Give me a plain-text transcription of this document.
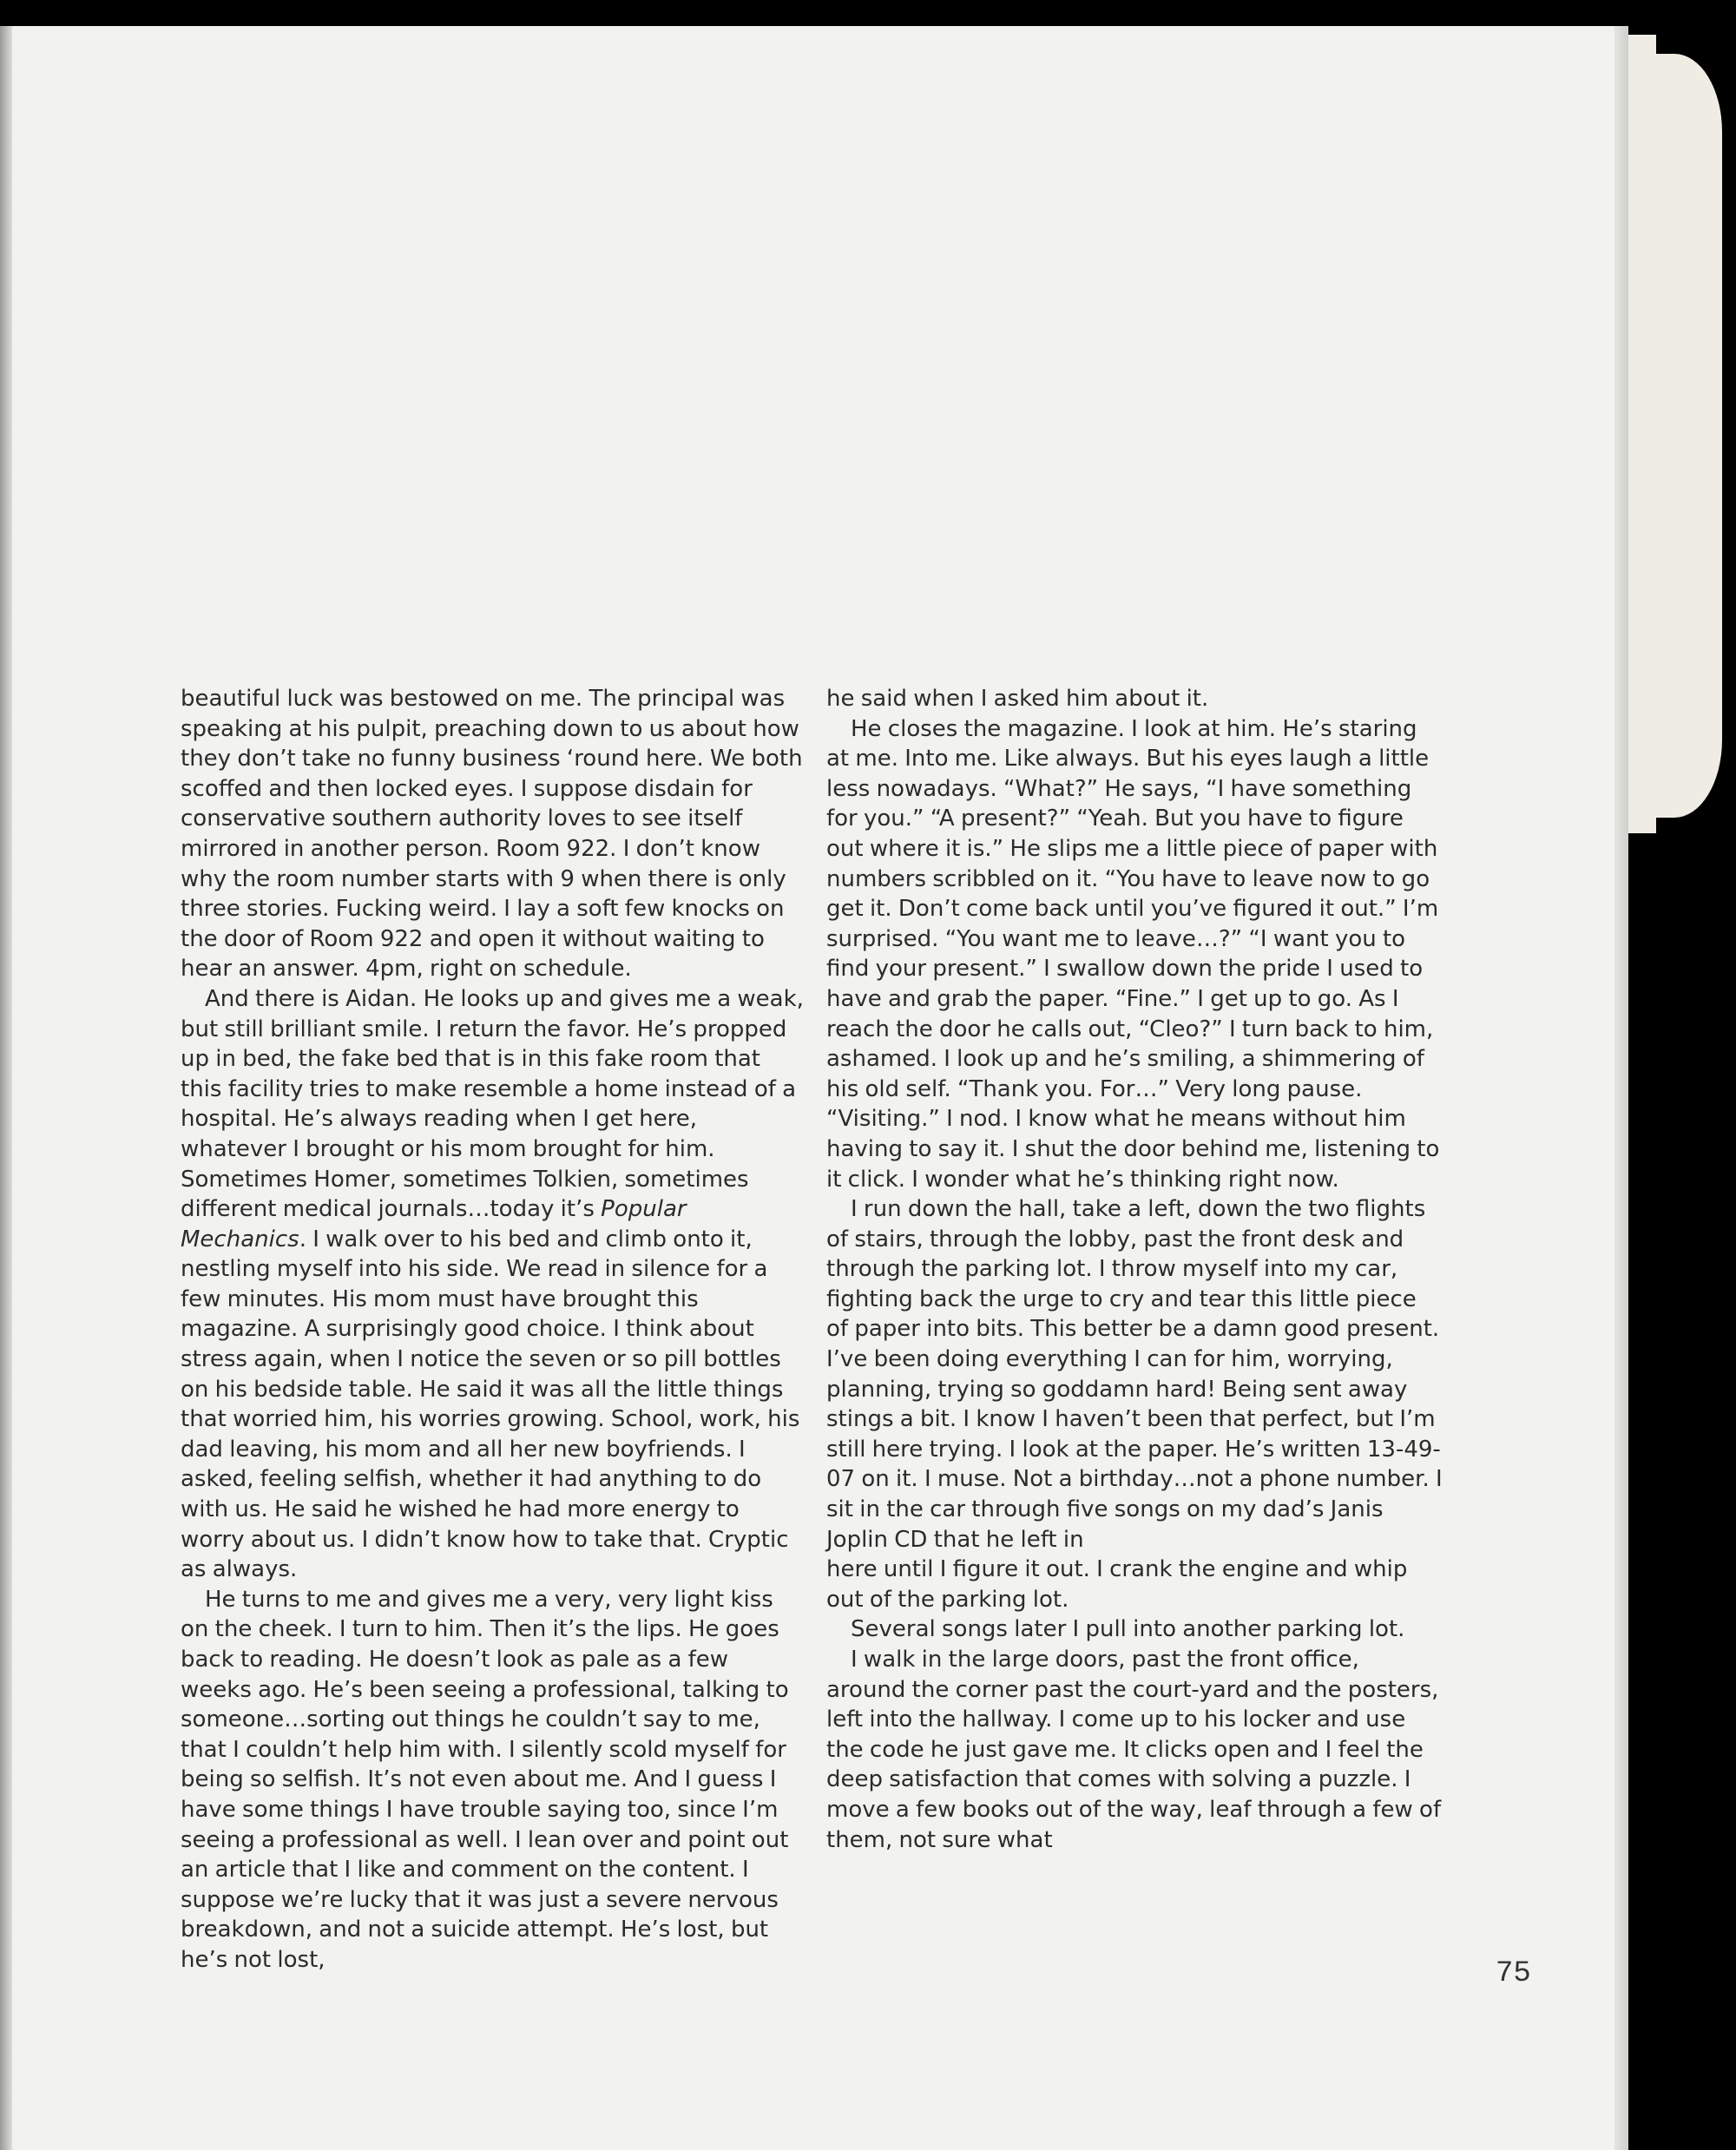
beautiful luck was bestowed on me. The principal was speaking at his pulpit, preaching down to us about how they don’t take no funny business ‘round here. We both scoffed and then locked eyes. I suppose disdain for conservative southern authority loves to see itself mirrored in another person. Room 922. I don’t know why the room number starts with 9 when there is only three stories. Fucking weird. I lay a soft few knocks on the door of Room 922 and open it without waiting to hear an answer. 4pm, right on schedule.

And there is Aidan. He looks up and gives me a weak, but still brilliant smile. I return the favor. He’s propped up in bed, the fake bed that is in this fake room that this facility tries to make resemble a home instead of a hospital. He’s always reading when I get here, whatever I brought or his mom brought for him. Sometimes Homer, sometimes Tolkien, sometimes different medical journals…today it’s Popular Mechanics. I walk over to his bed and climb onto it, nestling myself into his side. We read in silence for a few minutes. His mom must have brought this magazine. A surprisingly good choice. I think about stress again, when I notice the seven or so pill bottles on his bedside table. He said it was all the little things that worried him, his worries growing. School, work, his dad leaving, his mom and all her new boyfriends. I asked, feeling selfish, whether it had anything to do with us. He said he wished he had more energy to worry about us. I didn’t know how to take that. Cryptic as always.

He turns to me and gives me a very, very light kiss on the cheek. I turn to him. Then it’s the lips. He goes back to reading. He doesn’t look as pale as a few weeks ago. He’s been seeing a professional, talking to someone…sorting out things he couldn’t say to me, that I couldn’t help him with. I silently scold myself for being so selfish. It’s not even about me. And I guess I have some things I have trouble saying too, since I’m seeing a professional as well. I lean over and point out an article that I like and comment on the content. I suppose we’re lucky that it was just a severe nervous breakdown, and not a suicide attempt. He’s lost, but he’s not lost,

he said when I asked him about it.

He closes the magazine. I look at him. He’s staring at me. Into me. Like always. But his eyes laugh a little less nowadays. “What?” He says, “I have something for you.” “A present?” “Yeah. But you have to figure out where it is.” He slips me a little piece of paper with numbers scribbled on it. “You have to leave now to go get it. Don’t come back until you’ve figured it out.” I’m surprised. “You want me to leave…?” “I want you to find your present.” I swallow down the pride I used to have and grab the paper. “Fine.” I get up to go. As I reach the door he calls out, “Cleo?” I turn back to him, ashamed. I look up and he’s smiling, a shimmering of his old self. “Thank you. For…” Very long pause. “Visiting.” I nod. I know what he means without him having to say it. I shut the door behind me, listening to it click. I wonder what he’s thinking right now.

I run down the hall, take a left, down the two flights of stairs, through the lobby, past the front desk and through the parking lot. I throw myself into my car, fighting back the urge to cry and tear this little piece of paper into bits. This better be a damn good present. I’ve been doing everything I can for him, worrying, planning, trying so goddamn hard! Being sent away stings a bit. I know I haven’t been that perfect, but I’m still here trying. I look at the paper. He’s written 13-49-07 on it. I muse. Not a birthday…not a phone number. I sit in the car through five songs on my dad’s Janis Joplin CD that he left in

here until I figure it out. I crank the engine and whip out of the parking lot.

Several songs later I pull into another parking lot.

I walk in the large doors, past the front office, around the corner past the court-yard and the posters, left into the hallway. I come up to his locker and use the code he just gave me. It clicks open and I feel the deep satisfaction that comes with solving a puzzle. I move a few books out of the way, leaf through a few of them, not sure what

75
